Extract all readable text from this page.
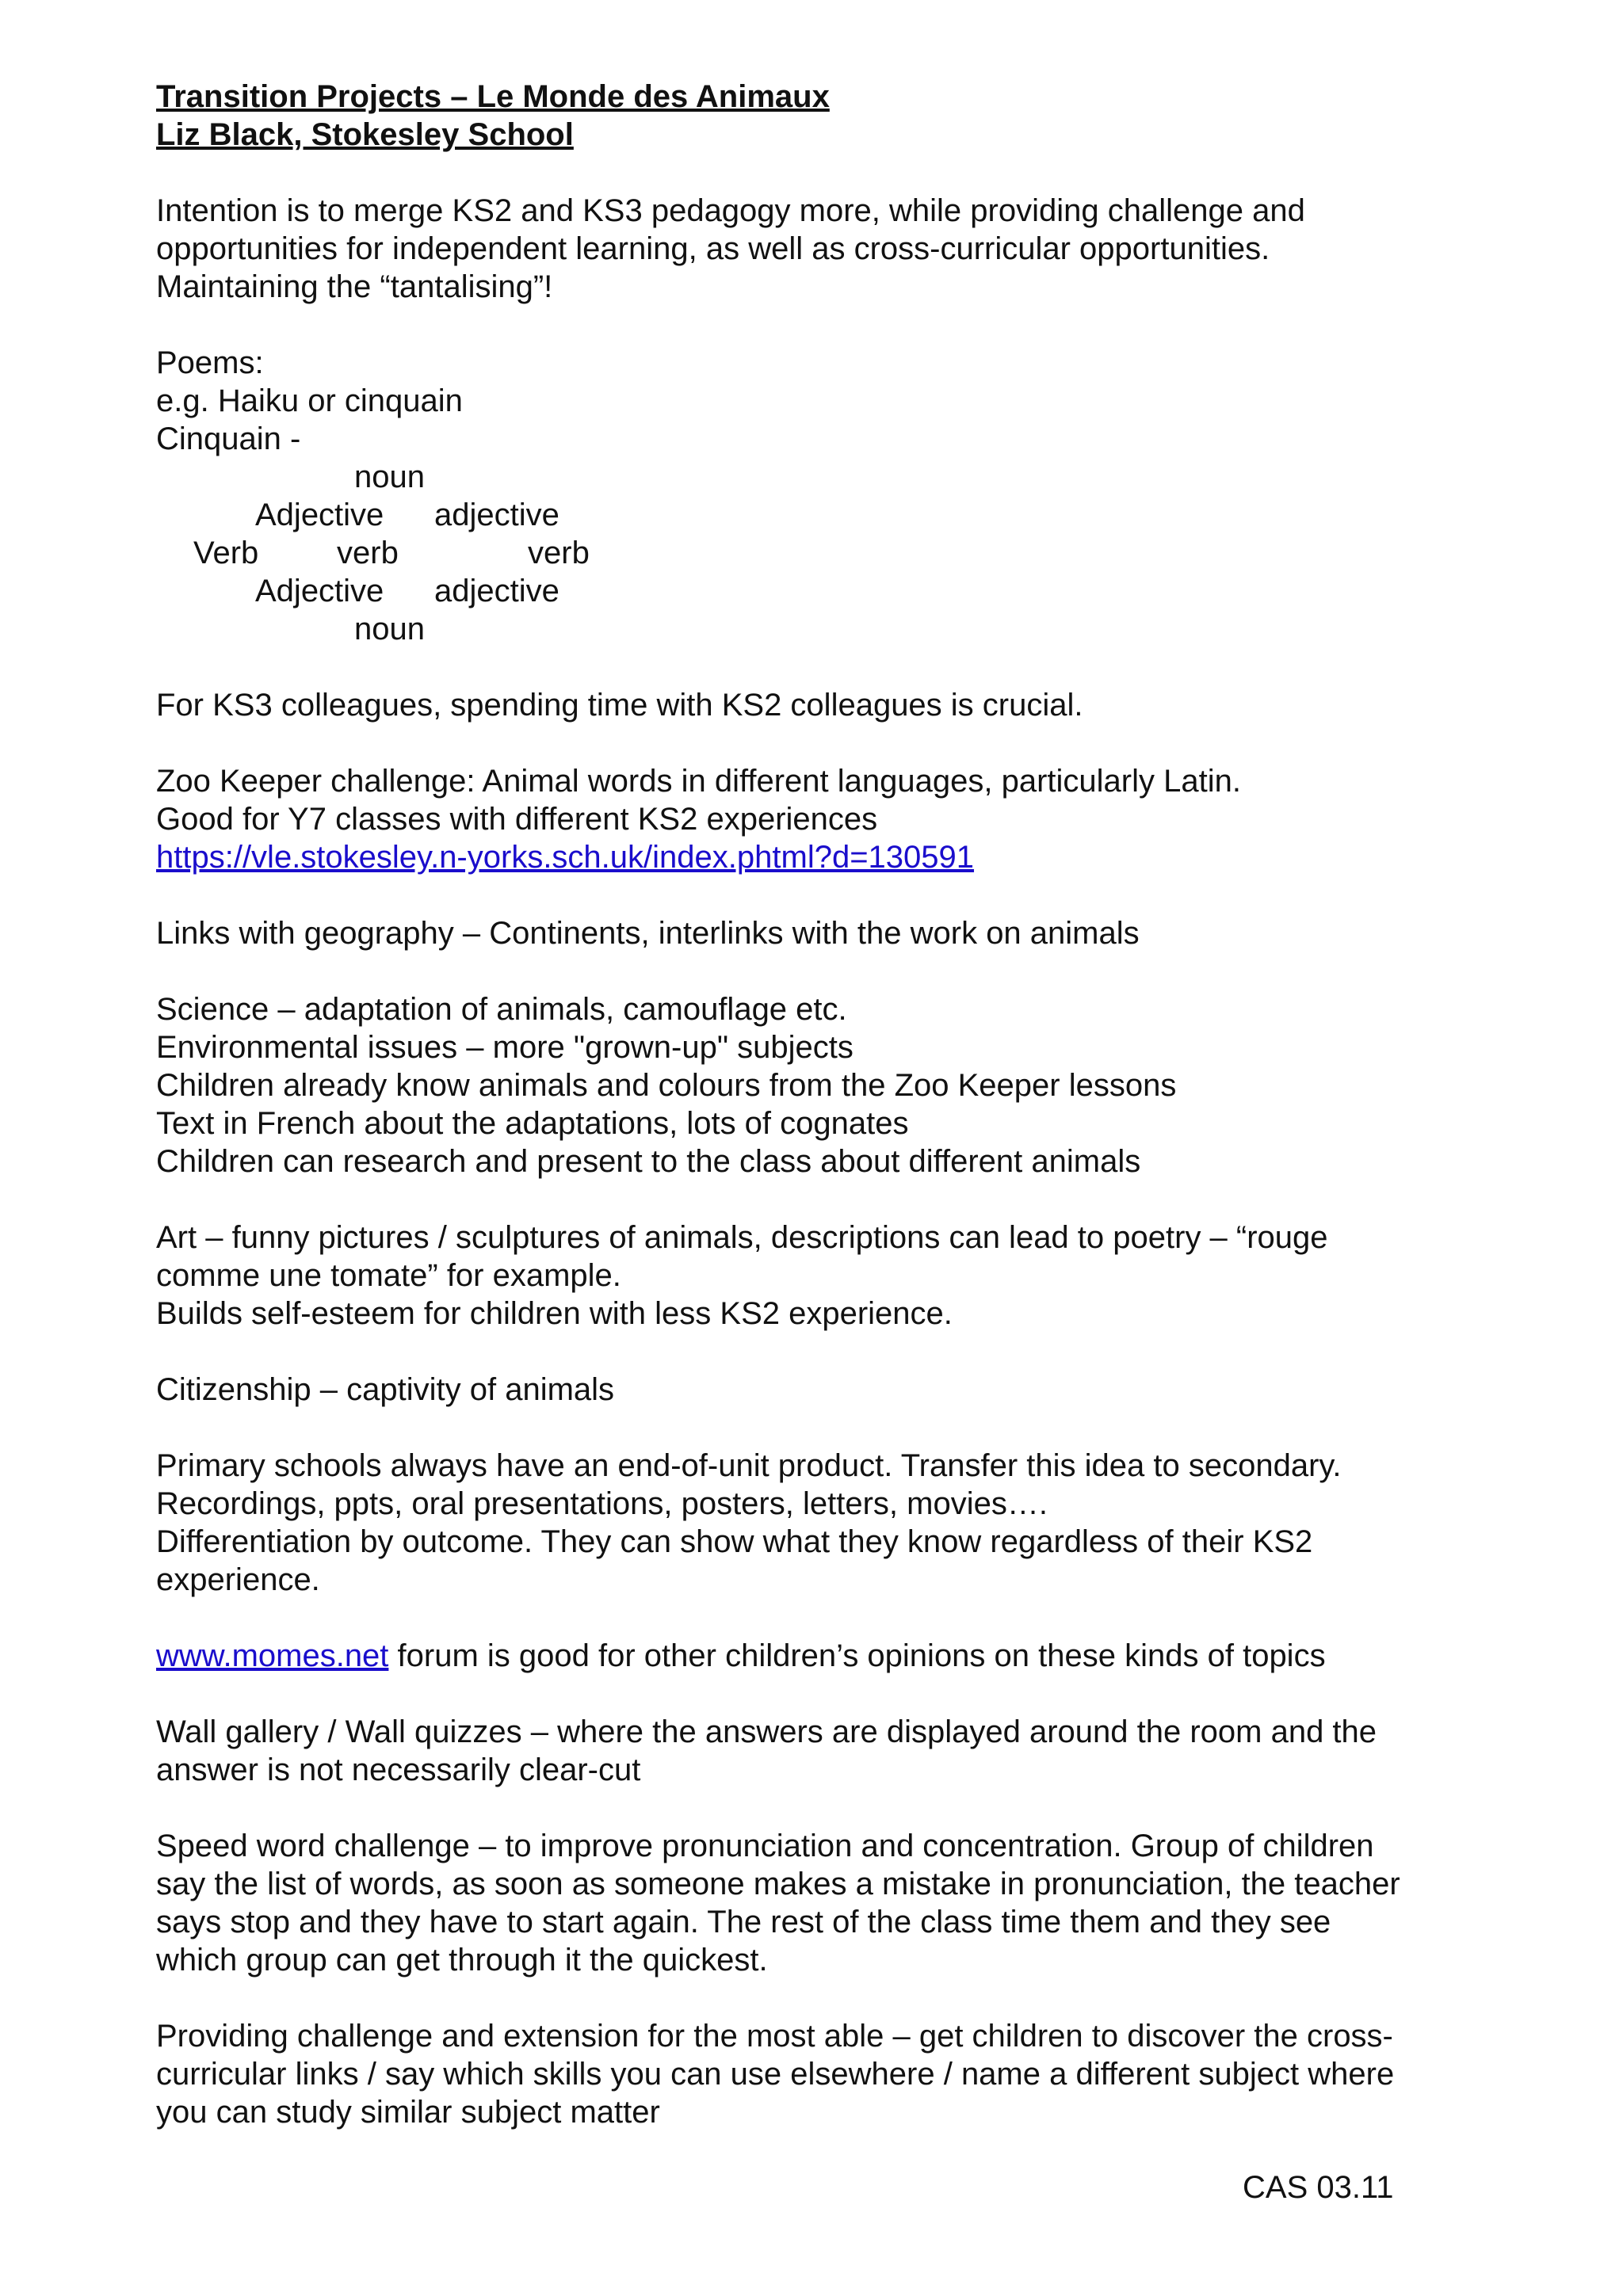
Transition Projects – Le Monde des Animaux
Liz Black, Stokesley School
Intention is to merge KS2 and KS3 pedagogy more, while providing challenge and
opportunities for independent learning, as well as cross-curricular opportunities.
Maintaining the “tantalising”!
Poems:
e.g. Haiku or cinquain
Cinquain -
noun
Adjective adjective
Verb verb	verb
Adjective adjective
noun
For KS3 colleagues, spending time with KS2 colleagues is crucial.
Zoo Keeper challenge: Animal words in different languages, particularly Latin.
Good for Y7 classes with different KS2 experiences
https://vle.stokesley.n-yorks.sch.uk/index.phtml?d=130591
Links with geography – Continents, interlinks with the work on animals
Science – adaptation of animals, camouflage etc.
Environmental issues – more "grown-up" subjects
Children already know animals and colours from the Zoo Keeper lessons
Text in French about the adaptations, lots of cognates
Children can research and present to the class about different animals
Art – funny pictures / sculptures of animals, descriptions can lead to poetry – “rouge
comme une tomate” for example.
Builds self-esteem for children with less KS2 experience.
Citizenship – captivity of animals
Primary schools always have an end-of-unit product. Transfer this idea to secondary.
Recordings, ppts, oral presentations, posters, letters, movies….
Differentiation by outcome. They can show what they know regardless of their KS2
experience.
www.momes.net forum is good for other children’s opinions on these kinds of topics
Wall gallery / Wall quizzes – where the answers are displayed around the room and the
answer is not necessarily clear-cut
Speed word challenge – to improve pronunciation and concentration. Group of children
say the list of words, as soon as someone makes a mistake in pronunciation, the teacher
says stop and they have to start again. The rest of the class time them and they see
which group can get through it the quickest.
Providing challenge and extension for the most able – get children to discover the cross-
curricular links / say which skills you can use elsewhere / name a different subject where
you can study similar subject matter
CAS 03.11
